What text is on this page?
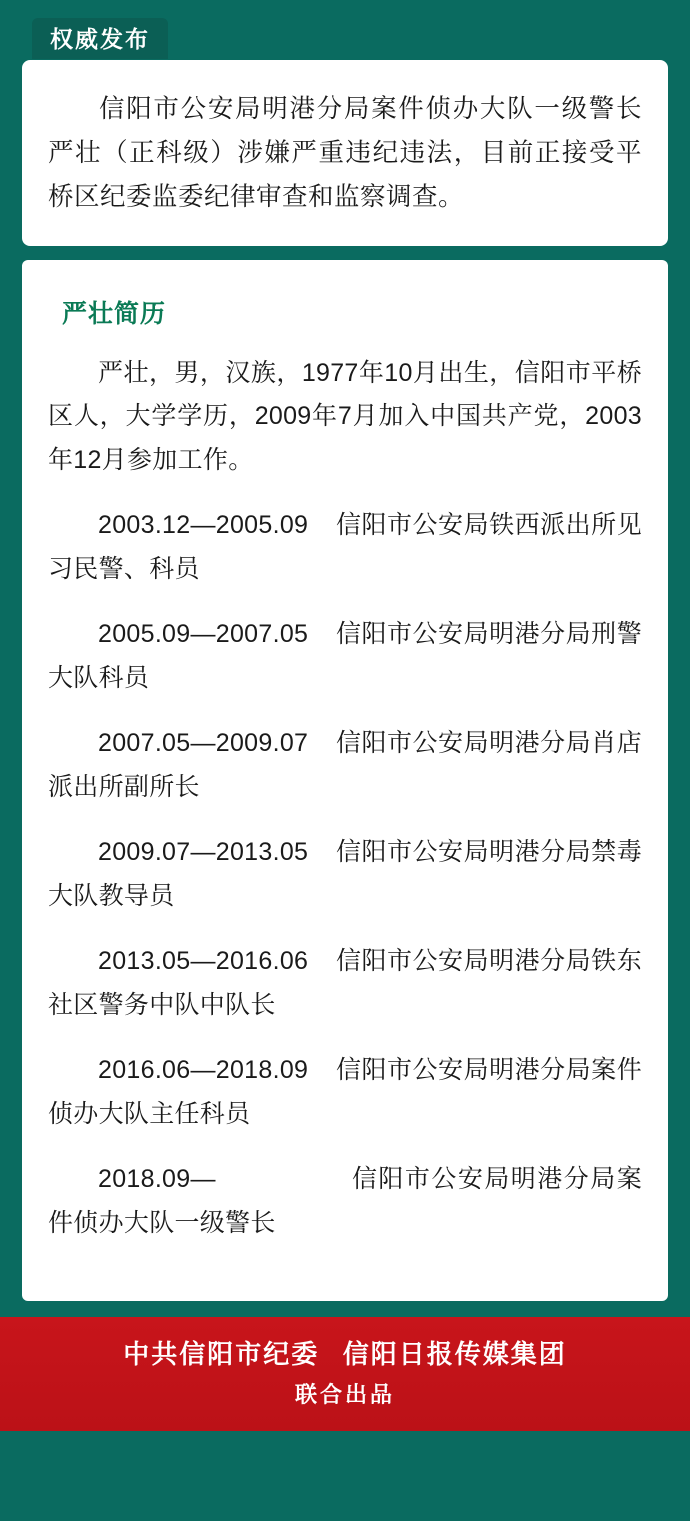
权威发布
信阳市公安局明港分局案件侦办大队一级警长严壮（正科级）涉嫌严重违纪违法，目前正接受平桥区纪委监委纪律审查和监察调查。
严壮简历
严壮，男，汉族，1977年10月出生，信阳市平桥区人，大学学历，2009年7月加入中国共产党，2003年12月参加工作。
2003.12—2005.09 信阳市公安局铁西派出所见习民警、科员
2005.09—2007.05 信阳市公安局明港分局刑警大队科员
2007.05—2009.07 信阳市公安局明港分局肖店派出所副所长
2009.07—2013.05 信阳市公安局明港分局禁毒大队教导员
2013.05—2016.06 信阳市公安局明港分局铁东社区警务中队中队长
2016.06—2018.09 信阳市公安局明港分局案件侦办大队主任科员
2018.09—	信阳市公安局明港分局案件侦办大队一级警长
中共信阳市纪委 信阳日报传媒集团
联合出品
